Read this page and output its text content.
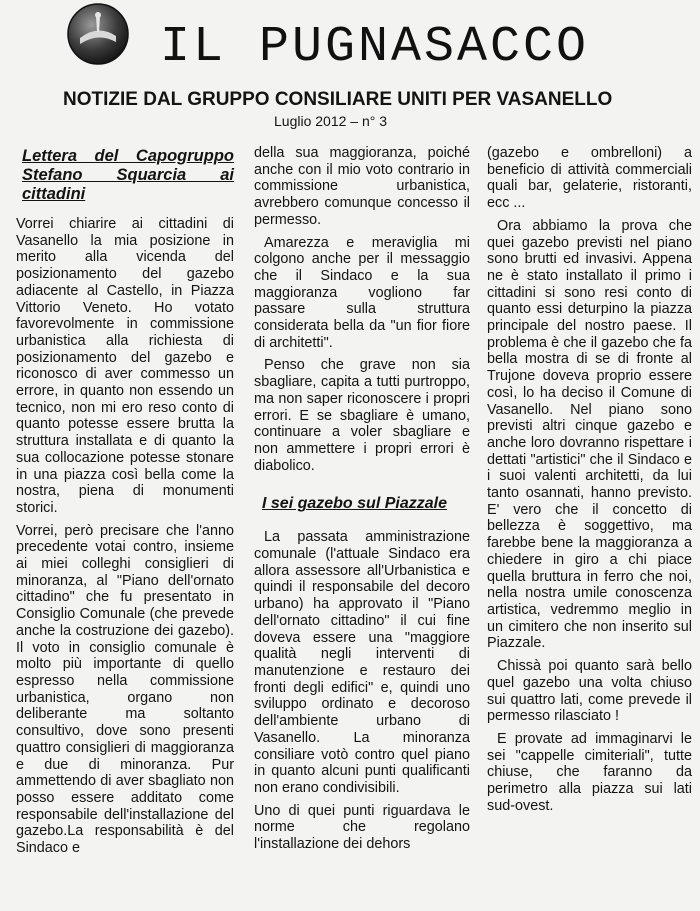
IL PUGNASACCO
NOTIZIE DAL GRUPPO CONSILIARE UNITI PER VASANELLO
Luglio 2012 – n° 3
Lettera del Capogruppo Stefano Squarcia ai cittadini

Vorrei chiarire ai cittadini di Vasanello la mia posizione in merito alla vicenda del posizionamento del gazebo adiacente al Castello, in Piazza Vittorio Veneto. Ho votato favorevolmente in commissione urbanistica alla richiesta di posizionamento del gazebo e riconosco di aver commesso un errore, in quanto non essendo un tecnico, non mi ero reso conto di quanto potesse essere brutta la struttura installata e di quanto la sua collocazione potesse stonare in una piazza così bella come la nostra, piena di monumenti storici.

Vorrei, però precisare che l'anno precedente votai contro, insieme ai miei colleghi consiglieri di minoranza, al "Piano dell'ornato cittadino" che fu presentato in Consiglio Comunale (che prevede anche la costruzione dei gazebo). Il voto in consiglio comunale è molto più importante di quello espresso nella commissione urbanistica, organo non deliberante ma soltanto consultivo, dove sono presenti quattro consiglieri di maggioranza e due di minoranza. Pur ammettendo di aver sbagliato non posso essere additato come responsabile dell'installazione del gazebo.La responsabilità è del Sindaco e

della sua maggioranza, poiché anche con il mio voto contrario in commissione urbanistica, avrebbero comunque concesso il permesso.

Amarezza e meraviglia mi colgono anche per il messaggio che il Sindaco e la sua maggioranza vogliono far passare sulla struttura considerata bella da "un fior fiore di architetti".

Penso che grave non sia sbagliare, capita a tutti purtroppo, ma non saper riconoscere i propri errori. E se sbagliare è umano, continuare a voler sbagliare e non ammettere i propri errori è diabolico.

I sei gazebo sul Piazzale

La passata amministrazione comunale (l'attuale Sindaco era allora assessore all'Urbanistica e quindi il responsabile del decoro urbano) ha approvato il "Piano dell'ornato cittadino" il cui fine doveva essere una "maggiore qualità negli interventi di manutenzione e restauro dei fronti degli edifici" e, quindi uno sviluppo ordinato e decoroso dell'ambiente urbano di Vasanello. La minoranza consiliare votò contro quel piano in quanto alcuni punti qualificanti non erano condivisibili.

Uno di quei punti riguardava le norme che regolano l'installazione dei dehors

(gazebo e ombrelloni) a beneficio di attività commerciali quali bar, gelaterie, ristoranti, ecc ...

Ora abbiamo la prova che quei gazebo previsti nel piano sono brutti ed invasivi. Appena ne è stato installato il primo i cittadini si sono resi conto di quanto essi deturpino la piazza principale del nostro paese. Il problema è che il gazebo che fa bella mostra di se di fronte al Trujone doveva proprio essere così, lo ha deciso il Comune di Vasanello. Nel piano sono previsti altri cinque gazebo e anche loro dovranno rispettare i dettati "artistici" che il Sindaco e i suoi valenti architetti, da lui tanto osannati, hanno previsto. E' vero che il concetto di bellezza è soggettivo, ma farebbe bene la maggioranza a chiedere in giro a chi piace quella bruttura in ferro che noi, nella nostra umile conoscenza artistica, vedremmo meglio in un cimitero che non inserito sul Piazzale.

Chissà poi quanto sarà bello quel gazebo una volta chiuso sui quattro lati, come prevede il permesso rilasciato !

E provate ad immaginarvi le sei "cappelle cimiteriali", tutte chiuse, che faranno da perimetro alla piazza sui lati sud-ovest.
